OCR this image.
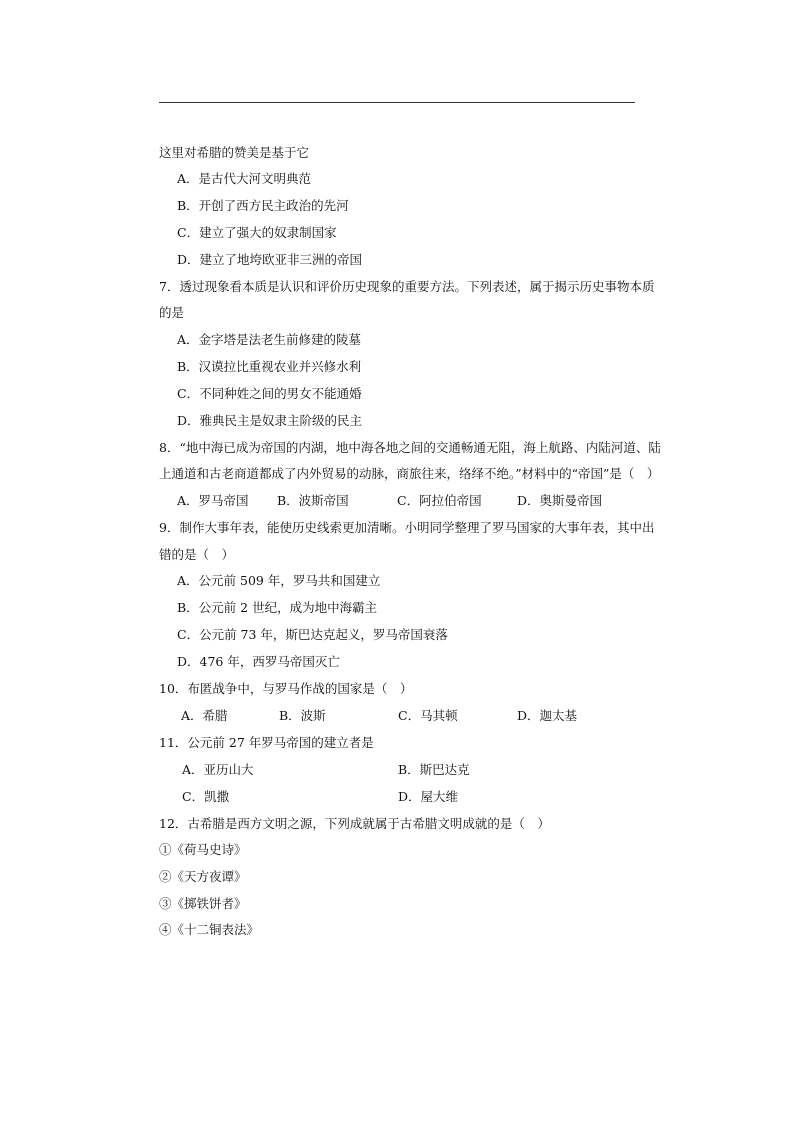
这里对希腊的赞美是基于它
A．是古代大河文明典范
B．开创了西方民主政治的先河
C．建立了强大的奴隶制国家
D．建立了地垮欧亚非三洲的帝国
7．透过现象看本质是认识和评价历史现象的重要方法。下列表述，属于揭示历史事物本质
的是
A．金字塔是法老生前修建的陵墓
B．汉谟拉比重视农业并兴修水利
C．不同种姓之间的男女不能通婚
D．雅典民主是奴隶主阶级的民主
8．“地中海已成为帝国的内湖，地中海各地之间的交通畅通无阻，海上航路、内陆河道、陆
上通道和古老商道都成了内外贸易的动脉，商旅往来，络绎不绝。”材料中的“帝国”是（　）
A．罗马帝国 B．波斯帝国	C．阿拉伯帝国	D．奥斯曼帝国
9．制作大事年表，能使历史线索更加清晰。小明同学整理了罗马国家的大事年表，其中出
错的是（　）
A．公元前 509 年，罗马共和国建立
B．公元前 2 世纪，成为地中海霸主
C．公元前 73 年，斯巴达克起义，罗马帝国衰落
D．476 年，西罗马帝国灭亡
10．布匿战争中，与罗马作战的国家是（　）
A．希腊	B．波斯	C．马其顿	D．迦太基
11．公元前 27 年罗马帝国的建立者是
A．亚历山大	B．斯巴达克
C．凯撒	D．屋大维
12．古希腊是西方文明之源，下列成就属于古希腊文明成就的是（　）
①《荷马史诗》
②《天方夜谭》
③《掷铁饼者》
④《十二铜表法》
